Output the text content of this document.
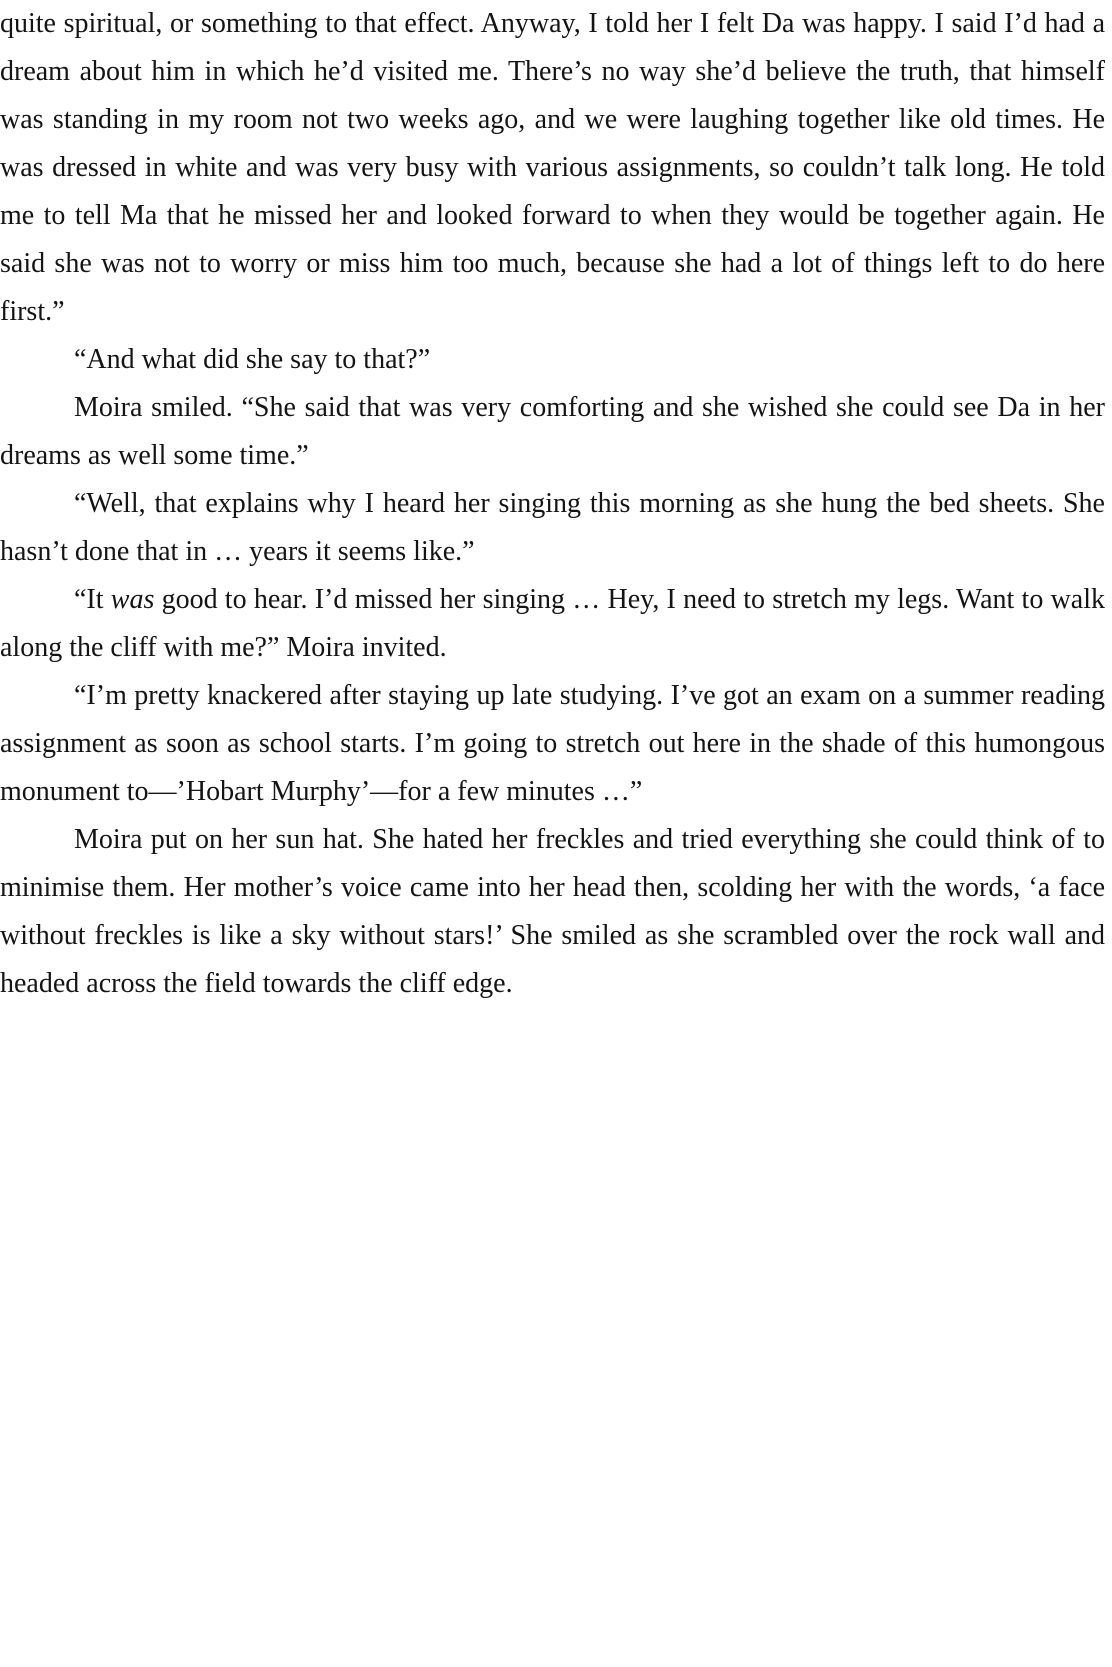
quite spiritual, or something to that effect. Anyway, I told her I felt Da was happy. I said I’d had a dream about him in which he’d visited me. There’s no way she’d believe the truth, that himself was standing in my room not two weeks ago, and we were laughing together like old times. He was dressed in white and was very busy with various assignments, so couldn’t talk long. He told me to tell Ma that he missed her and looked forward to when they would be together again. He said she was not to worry or miss him too much, because she had a lot of things left to do here first.”

“And what did she say to that?”

Moira smiled. “She said that was very comforting and she wished she could see Da in her dreams as well some time.”

“Well, that explains why I heard her singing this morning as she hung the bed sheets. She hasn’t done that in … years it seems like.”

“It was good to hear. I’d missed her singing … Hey, I need to stretch my legs. Want to walk along the cliff with me?” Moira invited.

“I’m pretty knackered after staying up late studying. I’ve got an exam on a summer reading assignment as soon as school starts. I’m going to stretch out here in the shade of this humongous monument to—’Hobart Murphy’—for a few minutes …”

Moira put on her sun hat. She hated her freckles and tried everything she could think of to minimise them. Her mother’s voice came into her head then, scolding her with the words, ‘a face without freckles is like a sky without stars!’ She smiled as she scrambled over the rock wall and headed across the field towards the cliff edge.
